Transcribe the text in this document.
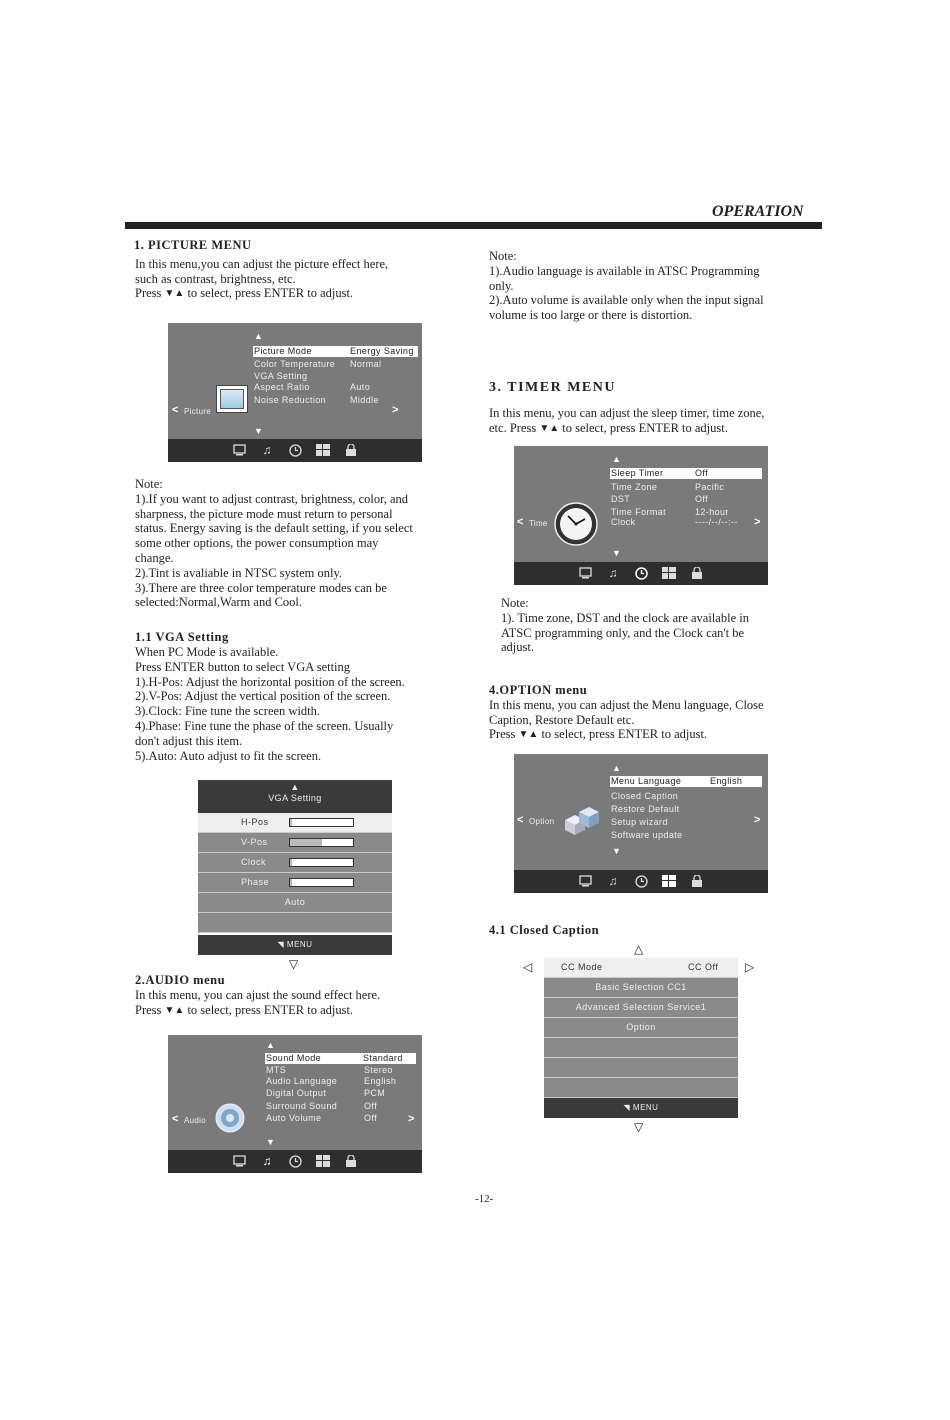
OPERATION
1. PICTURE MENU
In this menu,you can adjust the picture effect here,
such as contrast, brightness, etc.
Press ▼▲ to select, press ENTER to adjust.
▲
Picture Mode	Energy Saving
Color Temperature Normal
VGA Setting
Aspect Ratio	Auto
Noise Reduction	Middle
< Picture	>
▼
♫
Note:
1).If you want to adjust contrast, brightness, color, and
sharpness, the picture mode must return to personal
status. Energy saving is the default setting, if you select
some other options, the power consumption may
change.
2).Tint is avaliable in NTSC system only.
3).There are three color temperature modes can be
selected:Normal,Warm and Cool.
1.1 VGA Setting
When PC Mode is available.
Press ENTER button to select VGA setting
1).H-Pos: Adjust the horizontal position of the screen.
2).V-Pos: Adjust the vertical position of the screen.
3).Clock: Fine tune the screen width.
4).Phase: Fine tune the phase of the screen. Usually
don't adjust this item.
5).Auto: Auto adjust to fit the screen.
▲
VGA Setting
H-Pos
V-Pos
Clock
Phase
Auto
◥ MENU
▽
2.AUDIO menu
In this menu, you can ajust the sound effect here.
Press ▼▲ to select, press ENTER to adjust.
▲
Sound Mode	Standard
MTS	Stereo
Audio Language	English
Digital Output	PCM
Surround Sound	Off
Auto Volume	Off
< Audio	>
▼
♫
Note:
1).Audio language is available in ATSC Programming
only.
2).Auto volume is available only when the input signal
volume is too large or there is distortion.
3. TIMER MENU
In this menu, you can adjust the sleep timer, time zone,
etc. Press ▼▲ to select, press ENTER to adjust.
▲
Sleep Timer	Off
Time Zone	Pacific
DST	Off
Time Format	12-hour
Clock	----/--/--:--
< Time	>
▼
♫
Note:
1). Time zone, DST and the clock are available in
ATSC programming only, and the Clock can't be
adjust.
4.OPTION menu
In this menu, you can adjust the Menu language, Close
Caption, Restore Default etc.
Press ▼▲ to select, press ENTER to adjust.
▲
Menu Language	English
Closed Caption
Restore Default
Setup wizard
Software update
< Option	>
▼
♫
4.1 Closed Caption
△
◁	▷
CC Mode	CC Off
Basic Selection CC1
Advanced Selection Service1
Option
◥ MENU
▽
-12-
